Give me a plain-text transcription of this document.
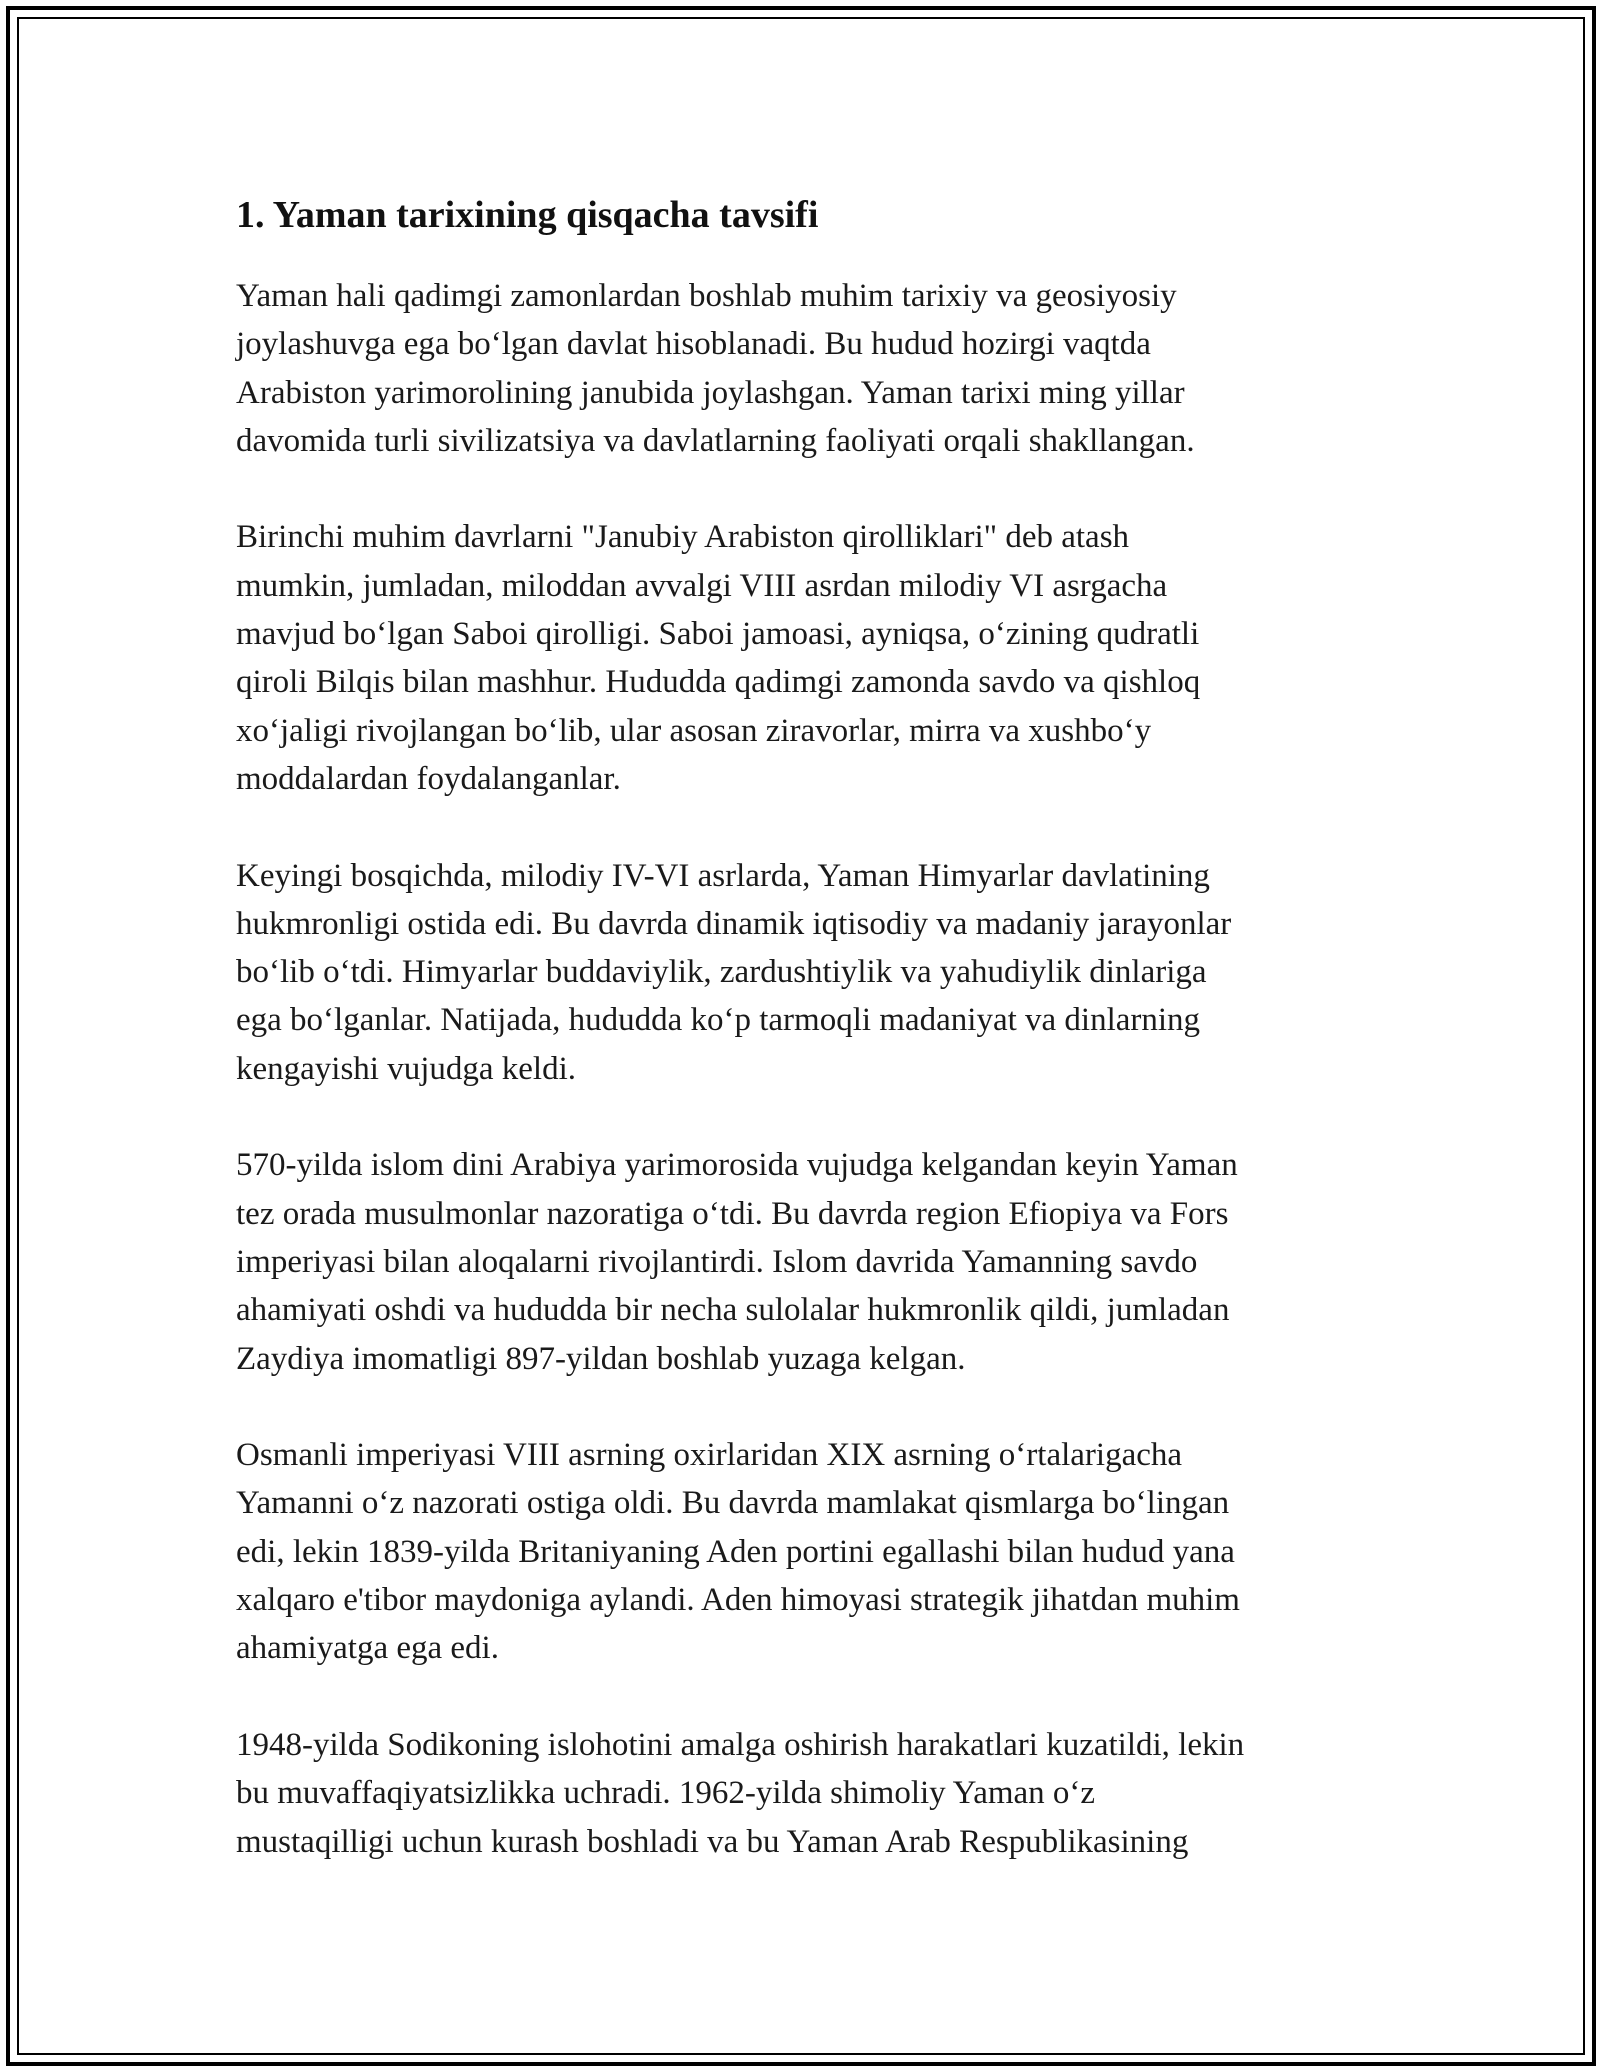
1. Yaman tarixining qisqacha tavsifi

Yaman hali qadimgi zamonlardan boshlab muhim tarixiy va geosiyosiy
joylashuvga ega boʻlgan davlat hisoblanadi. Bu hudud hozirgi vaqtda
Arabiston yarimorolining janubida joylashgan. Yaman tarixi ming yillar
davomida turli sivilizatsiya va davlatlarning faoliyati orqali shakllangan.

Birinchi muhim davrlarni "Janubiy Arabiston qirolliklari" deb atash
mumkin, jumladan, miloddan avvalgi VIII asrdan milodiy VI asrgacha
mavjud boʻlgan Saboi qirolligi. Saboi jamoasi, ayniqsa, oʻzining qudratli
qiroli Bilqis bilan mashhur. Hududda qadimgi zamonda savdo va qishloq
xoʻjaligi rivojlangan boʻlib, ular asosan ziravorlar, mirra va xushboʻy
moddalardan foydalanganlar.

Keyingi bosqichda, milodiy IV-VI asrlarda, Yaman Himyarlar davlatining
hukmronligi ostida edi. Bu davrda dinamik iqtisodiy va madaniy jarayonlar
boʻlib oʻtdi. Himyarlar buddaviylik, zardushtiylik va yahudiylik dinlariga
ega boʻlganlar. Natijada, hududda koʻp tarmoqli madaniyat va dinlarning
kengayishi vujudga keldi.

570-yilda islom dini Arabiya yarimorosida vujudga kelgandan keyin Yaman
tez orada musulmonlar nazoratiga oʻtdi. Bu davrda region Efiopiya va Fors
imperiyasi bilan aloqalarni rivojlantirdi. Islom davrida Yamanning savdo
ahamiyati oshdi va hududda bir necha sulolalar hukmronlik qildi, jumladan
Zaydiya imomatligi 897-yildan boshlab yuzaga kelgan.

Osmanli imperiyasi VIII asrning oxirlaridan XIX asrning oʻrtalarigacha
Yamanni oʻz nazorati ostiga oldi. Bu davrda mamlakat qismlarga boʻlingan
edi, lekin 1839-yilda Britaniyaning Aden portini egallashi bilan hudud yana
xalqaro e'tibor maydoniga aylandi. Aden himoyasi strategik jihatdan muhim
ahamiyatga ega edi.

1948-yilda Sodikoning islohotini amalga oshirish harakatlari kuzatildi, lekin
bu muvaffaqiyatsizlikka uchradi. 1962-yilda shimoliy Yaman oʻz
mustaqilligi uchun kurash boshladi va bu Yaman Arab Respublikasining
